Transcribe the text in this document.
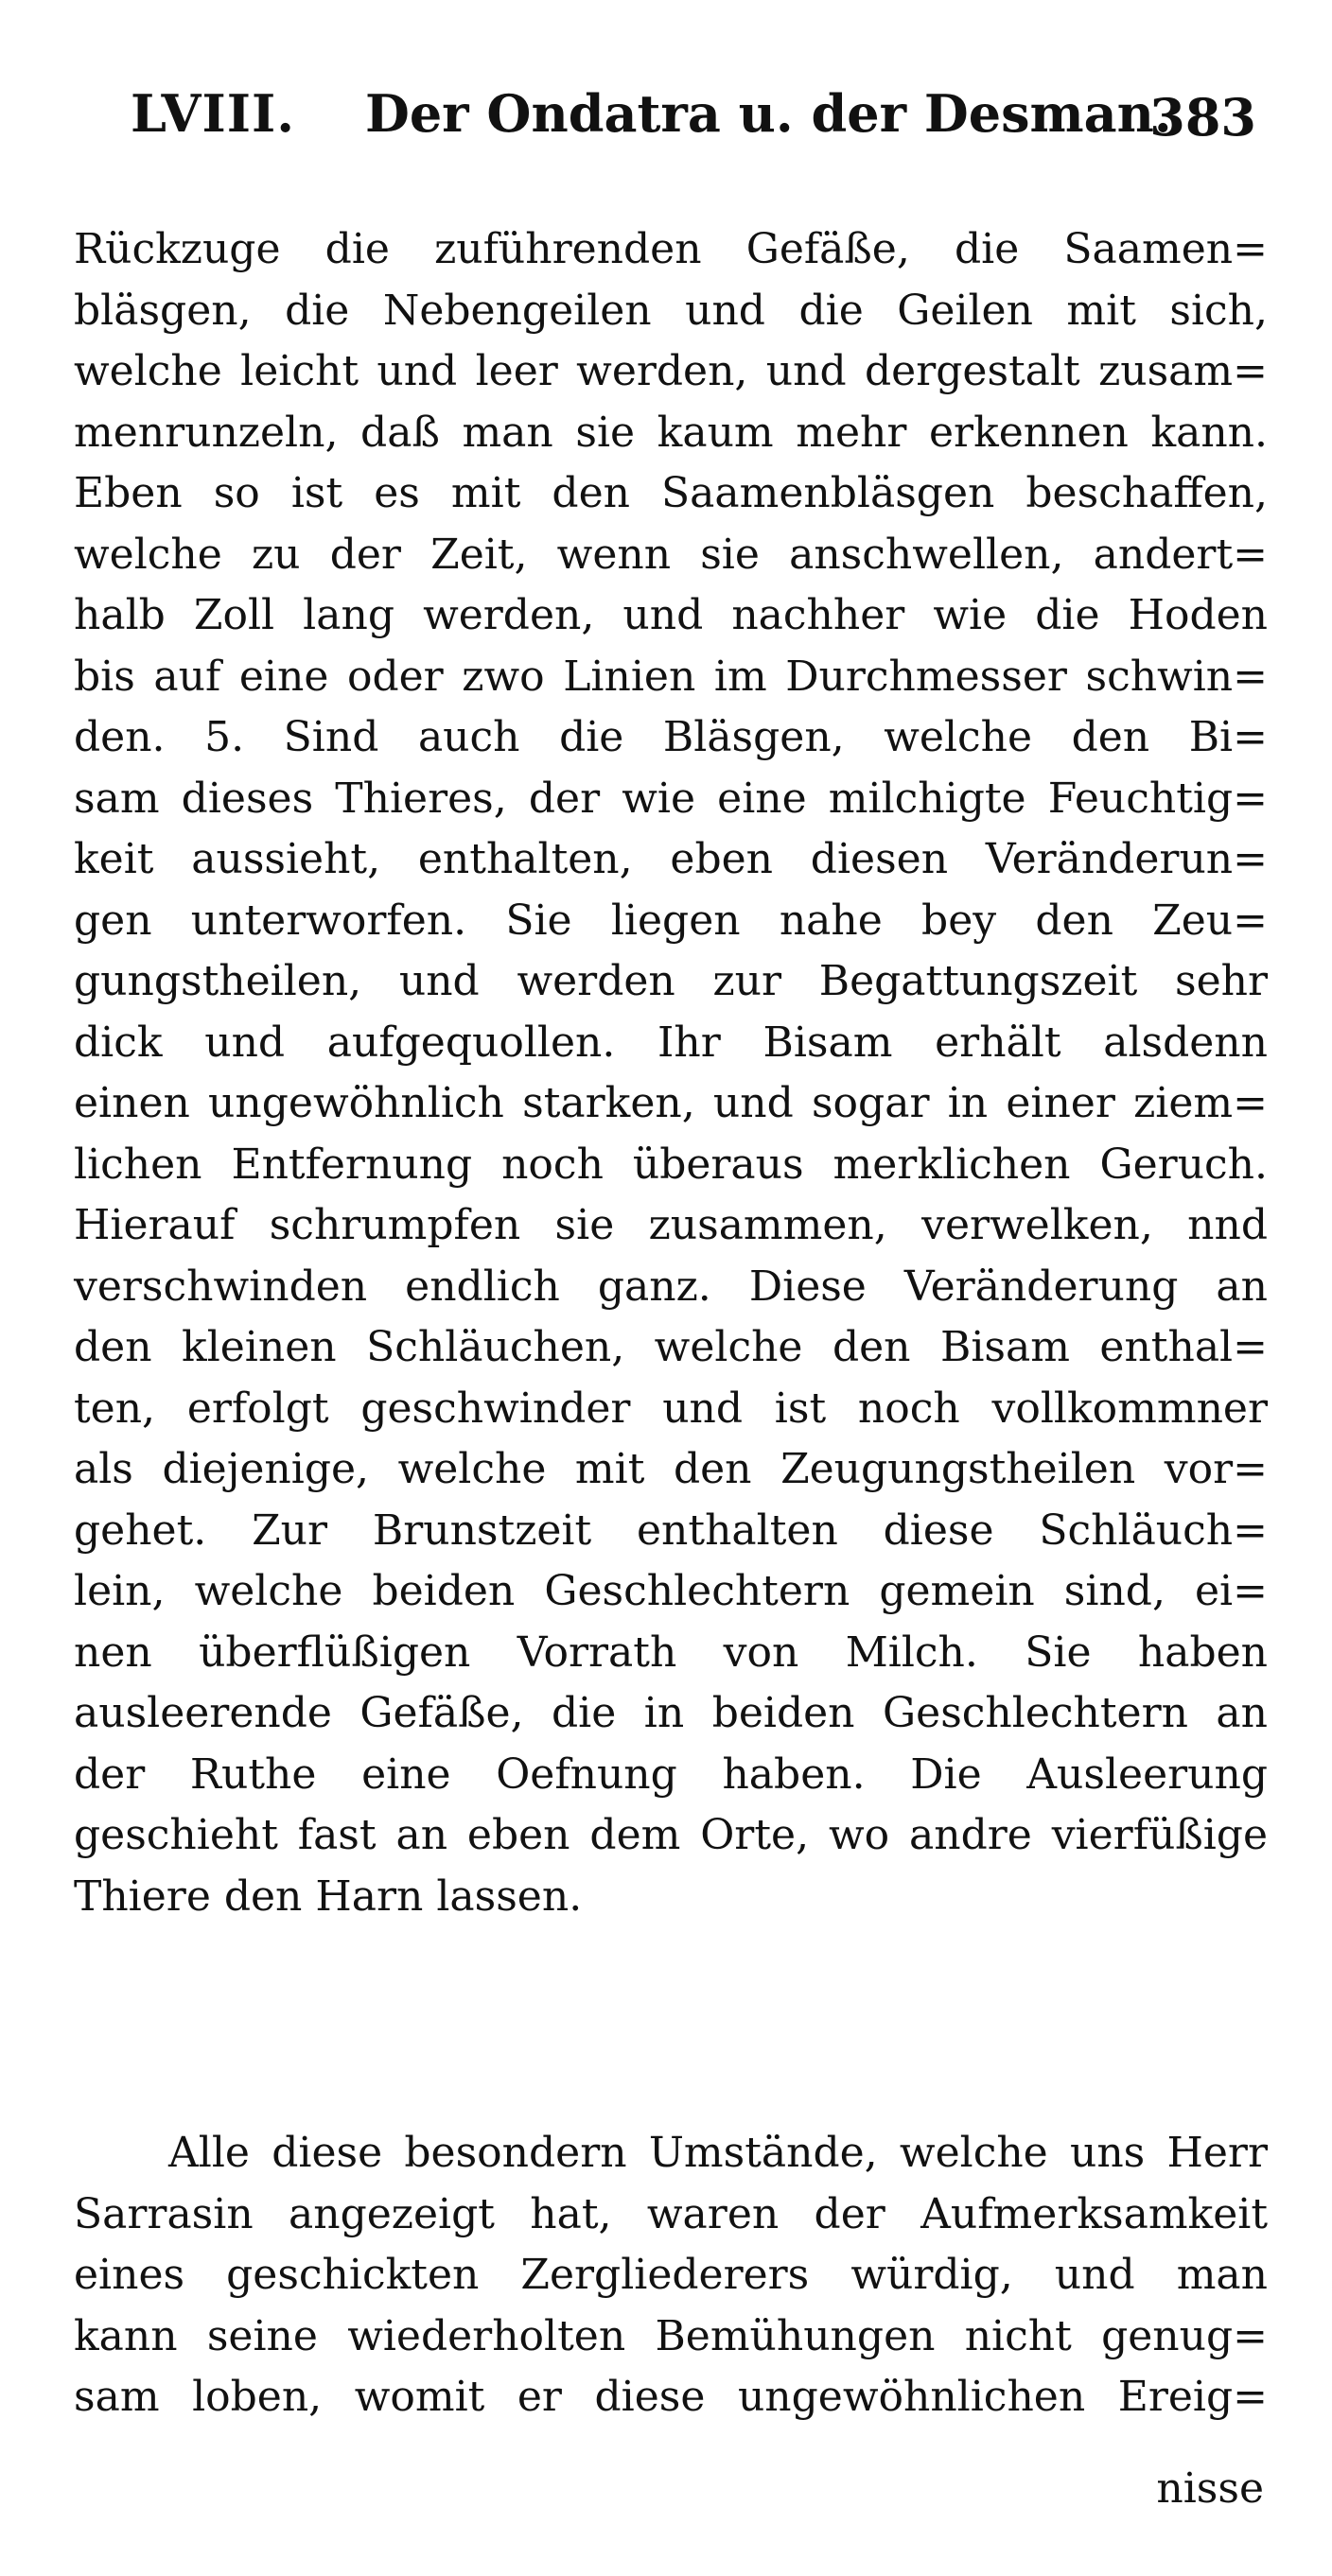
LVIII. Der Ondatra u. der Desman.
383
Rückzuge die zuführenden Gefäße, die Saamen=
bläsgen, die Nebengeilen und die Geilen mit sich,
welche leicht und leer werden, und dergestalt zusam=
menrunzeln, daß man sie kaum mehr erkennen kann.
Eben so ist es mit den Saamenbläsgen beschaffen,
welche zu der Zeit, wenn sie anschwellen, andert=
halb Zoll lang werden, und nachher wie die Hoden
bis auf eine oder zwo Linien im Durchmesser schwin=
den. 5. Sind auch die Bläsgen, welche den Bi=
sam dieses Thieres, der wie eine milchigte Feuchtig=
keit aussieht, enthalten, eben diesen Veränderun=
gen unterworfen. Sie liegen nahe bey den Zeu=
gungstheilen, und werden zur Begattungszeit sehr
dick und aufgequollen. Ihr Bisam erhält alsdenn
einen ungewöhnlich starken, und sogar in einer ziem=
lichen Entfernung noch überaus merklichen Geruch.
Hierauf schrumpfen sie zusammen, verwelken, nnd
verschwinden endlich ganz. Diese Veränderung an
den kleinen Schläuchen, welche den Bisam enthal=
ten, erfolgt geschwinder und ist noch vollkommner
als diejenige, welche mit den Zeugungstheilen vor=
gehet. Zur Brunstzeit enthalten diese Schläuch=
lein, welche beiden Geschlechtern gemein sind, ei=
nen überflüßigen Vorrath von Milch. Sie haben
ausleerende Gefäße, die in beiden Geschlechtern an
der Ruthe eine Oefnung haben. Die Ausleerung
geschieht fast an eben dem Orte, wo andre vierfüßige
Thiere den Harn lassen.
Alle diese besondern Umstände, welche uns Herr
Sarrasin angezeigt hat, waren der Aufmerksamkeit
eines geschickten Zergliederers würdig, und man
kann seine wiederholten Bemühungen nicht genug=
sam loben, womit er diese ungewöhnlichen Ereig=
nisse
